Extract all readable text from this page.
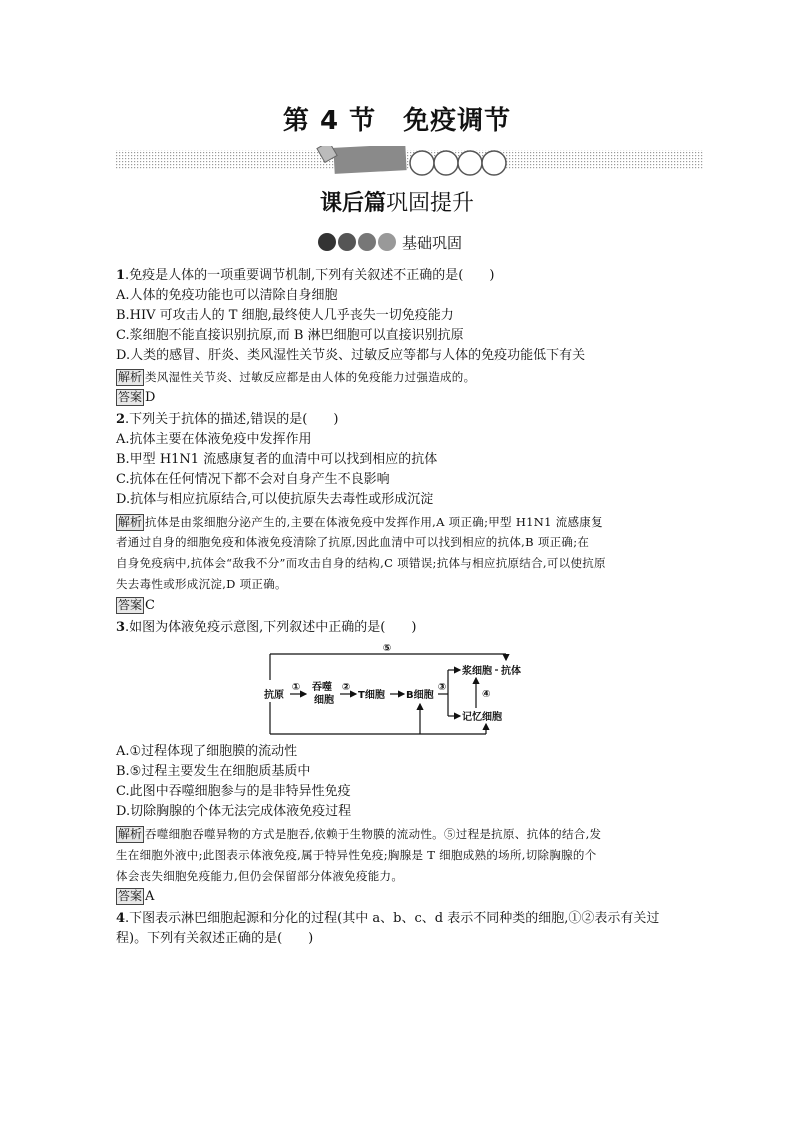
第 4 节　免疫调节
课后篇巩固提升
基础巩固
1.免疫是人体的一项重要调节机制,下列有关叙述不正确的是(　　)
A.人体的免疫功能也可以清除自身细胞
B.HIV 可攻击人的 T 细胞,最终使人几乎丧失一切免疫能力
C.浆细胞不能直接识别抗原,而 B 淋巴细胞可以直接识别抗原
D.人类的感冒、肝炎、类风湿性关节炎、过敏反应等都与人体的免疫功能低下有关
解析 类风湿性关节炎、过敏反应都是由人体的免疫能力过强造成的。
答案 D
2.下列关于抗体的描述,错误的是(　　)
A.抗体主要在体液免疫中发挥作用
B.甲型 H1N1 流感康复者的血清中可以找到相应的抗体
C.抗体在任何情况下都不会对自身产生不良影响
D.抗体与相应抗原结合,可以使抗原失去毒性或形成沉淀
解析 抗体是由浆细胞分泌产生的,主要在体液免疫中发挥作用,A 项正确;甲型 H1N1 流感康复
者通过自身的细胞免疫和体液免疫清除了抗原,因此血清中可以找到相应的抗体,B 项正确;在
自身免疫病中,抗体会“敌我不分”而攻击自身的结构,C 项错误;抗体与相应抗原结合,可以使抗原
失去毒性或形成沉淀,D 项正确。
答案 C
3.如图为体液免疫示意图,下列叙述中正确的是(　　)
A.①过程体现了细胞膜的流动性
B.⑤过程主要发生在细胞质基质中
C.此图中吞噬细胞参与的是非特异性免疫
D.切除胸腺的个体无法完成体液免疫过程
解析 吞噬细胞吞噬异物的方式是胞吞,依赖于生物膜的流动性。⑤过程是抗原、抗体的结合,发
生在细胞外液中;此图表示体液免疫,属于特异性免疫;胸腺是 T 细胞成熟的场所,切除胸腺的个
体会丧失细胞免疫能力,但仍会保留部分体液免疫能力。
答案 A
4.下图表示淋巴细胞起源和分化的过程(其中 a、b、c、d 表示不同种类的细胞,①②表示有关过
程)。下列有关叙述正确的是(　　)
⑤
抗原
① 吞噬
细胞
②
T细胞 B细胞
③
浆细胞
记忆细胞
④
抗体
